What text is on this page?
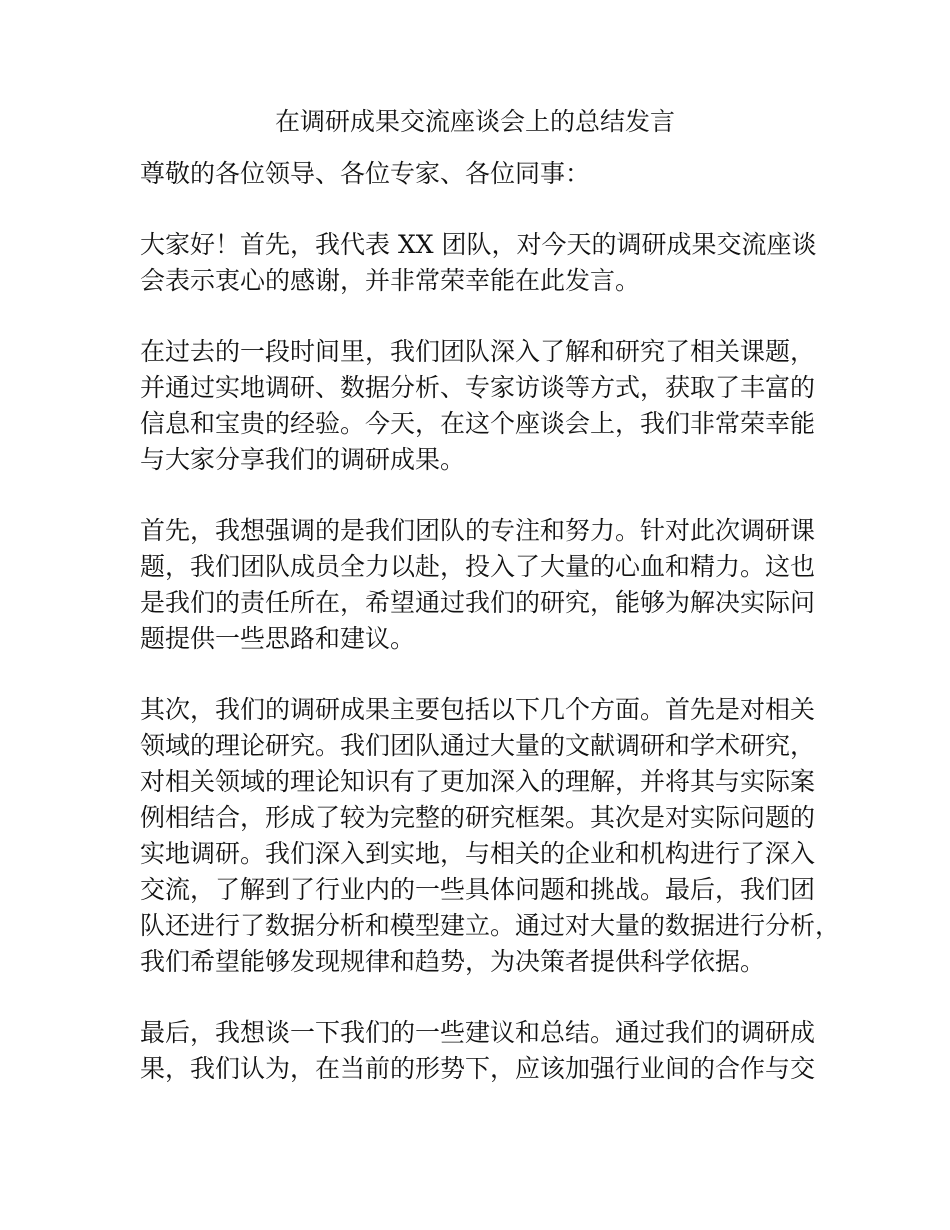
在调研成果交流座谈会上的总结发言
尊敬的各位领导、各位专家、各位同事：
大家好！首先，我代表 XX 团队，对今天的调研成果交流座谈
会表示衷心的感谢，并非常荣幸能在此发言。
在过去的一段时间里，我们团队深入了解和研究了相关课题，
并通过实地调研、数据分析、专家访谈等方式，获取了丰富的
信息和宝贵的经验。今天，在这个座谈会上，我们非常荣幸能
与大家分享我们的调研成果。
首先，我想强调的是我们团队的专注和努力。针对此次调研课
题，我们团队成员全力以赴，投入了大量的心血和精力。这也
是我们的责任所在，希望通过我们的研究，能够为解决实际问
题提供一些思路和建议。
其次，我们的调研成果主要包括以下几个方面。首先是对相关
领域的理论研究。我们团队通过大量的文献调研和学术研究，
对相关领域的理论知识有了更加深入的理解，并将其与实际案
例相结合，形成了较为完整的研究框架。其次是对实际问题的
实地调研。我们深入到实地，与相关的企业和机构进行了深入
交流，了解到了行业内的一些具体问题和挑战。最后，我们团
队还进行了数据分析和模型建立。通过对大量的数据进行分析，
我们希望能够发现规律和趋势，为决策者提供科学依据。
最后，我想谈一下我们的一些建议和总结。通过我们的调研成
果，我们认为，在当前的形势下，应该加强行业间的合作与交
